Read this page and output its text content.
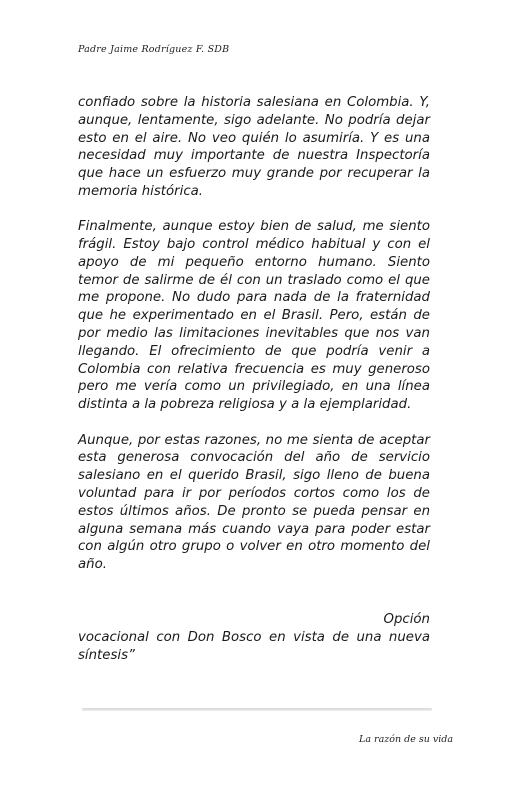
Padre Jaime Rodríguez F. SDB

confiado sobre la historia salesiana en Colombia. Y, aunque, lentamente, sigo adelante. No podría dejar esto en el aire. No veo quién lo asumiría. Y es una necesidad muy importante de nuestra Inspectoría que hace un esfuerzo muy grande por recuperar la memoria histórica.

Finalmente, aunque estoy bien de salud, me siento frágil. Estoy bajo control médico habitual y con el apoyo de mi pequeño entorno humano. Siento temor de salirme de él con un traslado como el que me propone. No dudo para nada de la fraternidad que he experimentado en el Brasil. Pero, están de por medio las limitaciones inevitables que nos van llegando. El ofrecimiento de que podría venir a Colombia con relativa frecuencia es muy generoso pero me vería como un privilegiado, en una línea distinta a la pobreza religiosa y a la ejemplaridad.

Aunque, por estas razones, no me sienta de aceptar esta generosa convocación del año de servicio salesiano en el querido Brasil, sigo lleno de buena voluntad para ir por períodos cortos como los de estos últimos años. De pronto se pueda pensar en alguna semana más cuando vaya para poder estar con algún otro grupo o volver en otro momento del año.

Opción
vocacional con Don Bosco en vista de una nueva síntesis”

La razón de su vida
